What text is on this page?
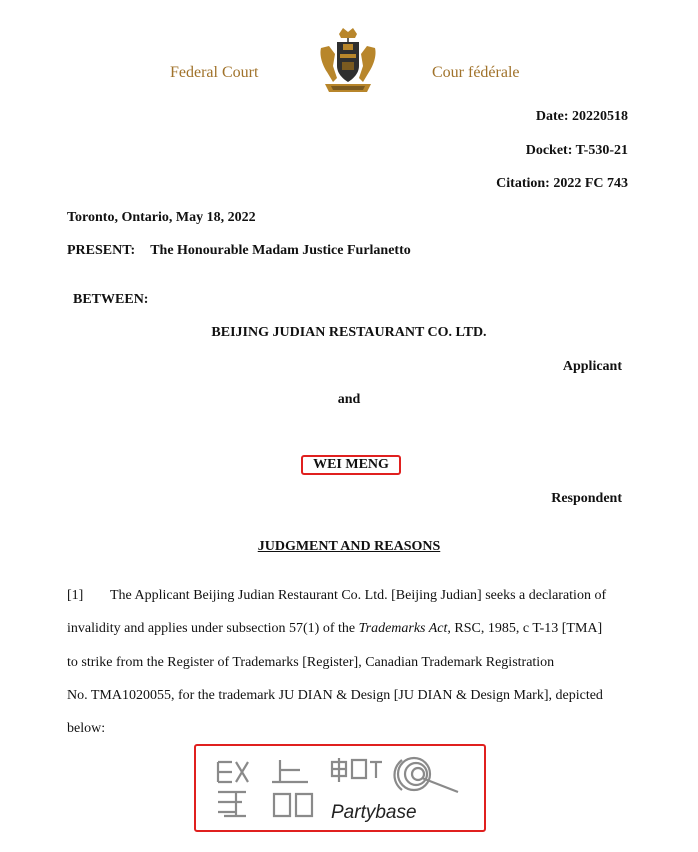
Federal Court	Cour fédérale
Date: 20220518
Docket: T-530-21
Citation: 2022 FC 743
Toronto, Ontario, May 18, 2022
PRESENT: The Honourable Madam Justice Furlanetto
BETWEEN:
BEIJING JUDIAN RESTAURANT CO. LTD.
Applicant
and
WEI MENG
Respondent
JUDGMENT AND REASONS
[1] The Applicant Beijing Judian Restaurant Co. Ltd. [Beijing Judian] seeks a declaration of
invalidity and applies under subsection 57(1) of the Trademarks Act, RSC, 1985, c T-13 [TMA]
to strike from the Register of Trademarks [Register], Canadian Trademark Registration
No. TMA1020055, for the trademark JU DIAN & Design [JU DIAN & Design Mark], depicted
below:
Partybase
